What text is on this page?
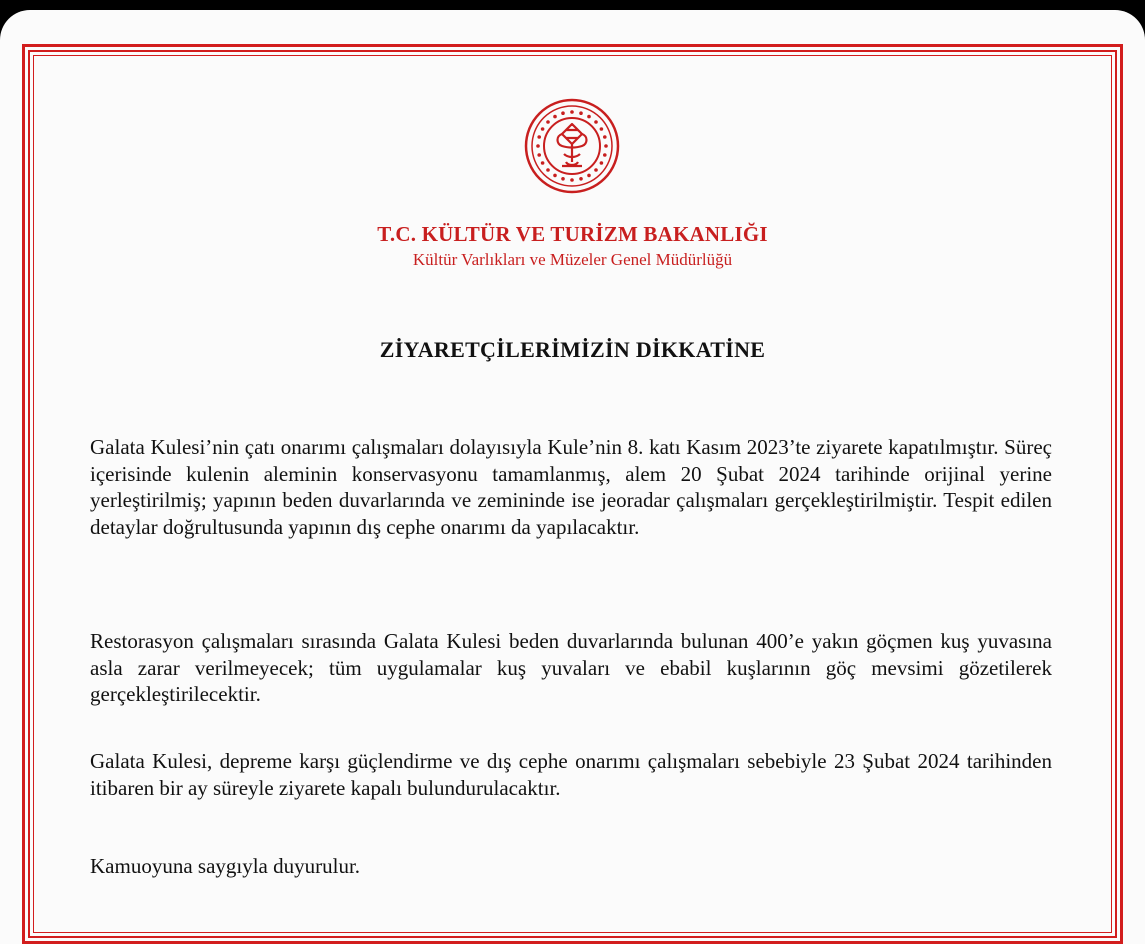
T.C. KÜLTÜR VE TURİZM BAKANLIĞI

Kültür Varlıkları ve Müzeler Genel Müdürlüğü

ZİYARETÇİLERİMİZİN DİKKATİNE

Galata Kulesi’nin çatı onarımı çalışmaları dolayısıyla Kule’nin 8. katı Kasım 2023’te ziyarete kapatılmıştır. Süreç içerisinde kulenin aleminin konservasyonu tamamlanmış, alem 20 Şubat 2024 tarihinde orijinal yerine yerleştirilmiş; yapının beden duvarlarında ve zemininde ise jeoradar çalışmaları gerçekleştirilmiştir. Tespit edilen detaylar doğrultusunda yapının dış cephe onarımı da yapılacaktır.

Restorasyon çalışmaları sırasında Galata Kulesi beden duvarlarında bulunan 400’e yakın göçmen kuş yuvasına asla zarar verilmeyecek; tüm uygulamalar kuş yuvaları ve ebabil kuşlarının göç mevsimi gözetilerek gerçekleştirilecektir.

Galata Kulesi, depreme karşı güçlendirme ve dış cephe onarımı çalışmaları sebebiyle 23 Şubat 2024 tarihinden itibaren bir ay süreyle ziyarete kapalı bulundurulacaktır.

Kamuoyuna saygıyla duyurulur.
